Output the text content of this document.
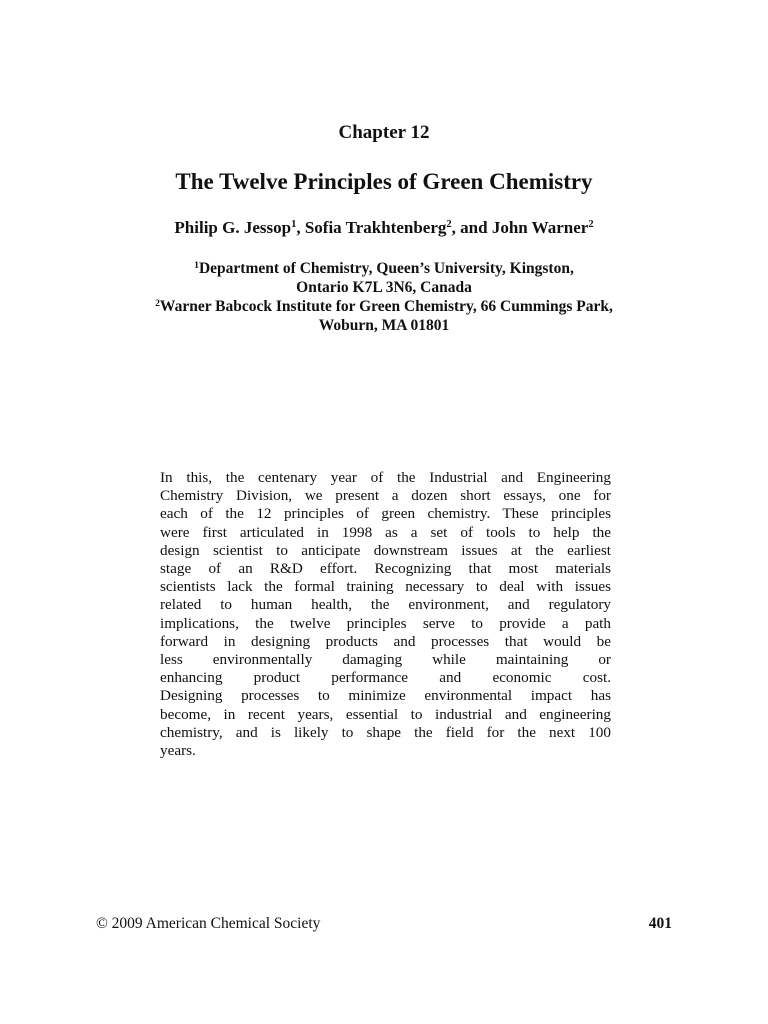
Chapter 12
The Twelve Principles of Green Chemistry
Philip G. Jessop$^1$, Sofia Trakhtenberg$^2$, and John Warner$^2$
$^1$Department of Chemistry, Queen’s University, Kingston,
Ontario K7L 3N6, Canada
$^2$Warner Babcock Institute for Green Chemistry, 66 Cummings Park,
Woburn, MA 01801
In this, the centenary year of the Industrial and Engineering
Chemistry Division, we present a dozen short essays, one for
each of the 12 principles of green chemistry. These principles
were first articulated in 1998 as a set of tools to help the
design scientist to anticipate downstream issues at the earliest
stage of an R&D effort. Recognizing that most materials
scientists lack the formal training necessary to deal with issues
related to human health, the environment, and regulatory
implications, the twelve principles serve to provide a path
forward in designing products and processes that would be
less environmentally damaging while maintaining or
enhancing product performance and economic cost.
Designing processes to minimize environmental impact has
become, in recent years, essential to industrial and engineering
chemistry, and is likely to shape the field for the next 100
years.
© 2009 American Chemical Society	401
